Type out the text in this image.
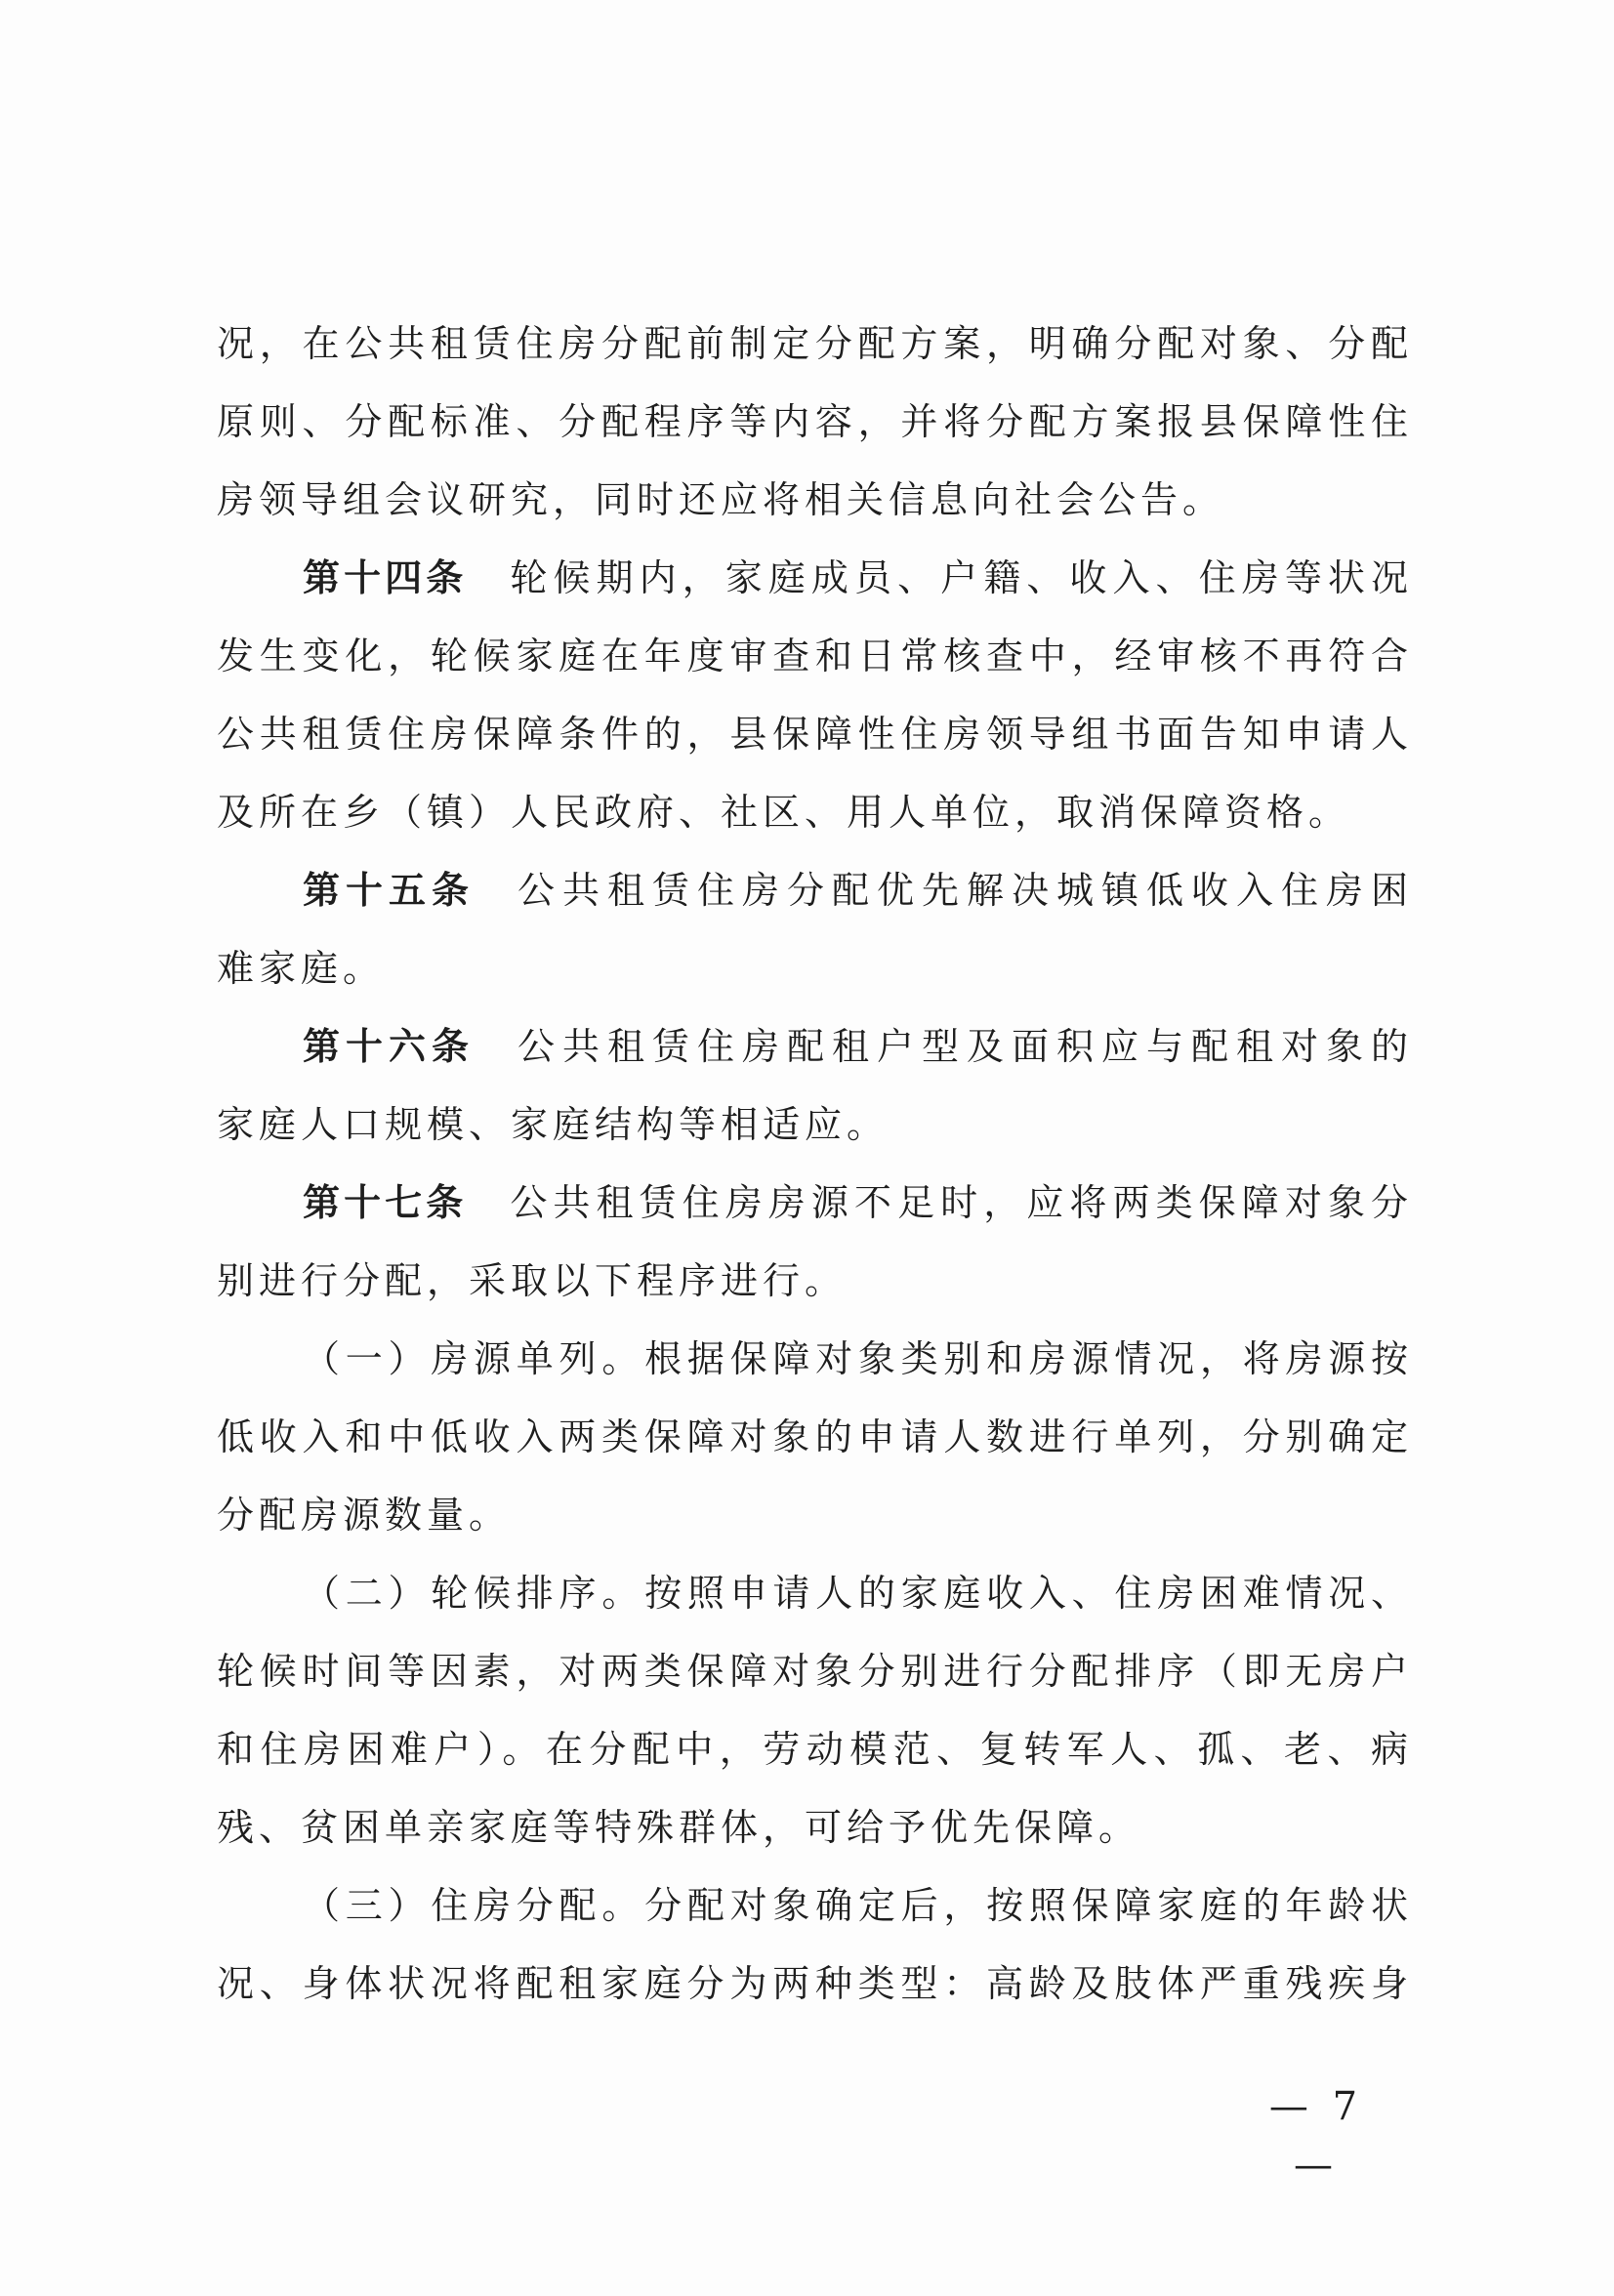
况，在公共租赁住房分配前制定分配方案，明确分配对象、分配
原则、分配标准、分配程序等内容，并将分配方案报县保障性住
房领导组会议研究，同时还应将相关信息向社会公告。
第十四条 轮候期内，家庭成员、户籍、收入、住房等状况
发生变化，轮候家庭在年度审查和日常核查中，经审核不再符合
公共租赁住房保障条件的，县保障性住房领导组书面告知申请人
及所在乡（镇）人民政府、社区、用人单位，取消保障资格。
第十五条 公共租赁住房分配优先解决城镇低收入住房困
难家庭。
第十六条 公共租赁住房配租户型及面积应与配租对象的
家庭人口规模、家庭结构等相适应。
第十七条 公共租赁住房房源不足时，应将两类保障对象分
别进行分配，采取以下程序进行。
（一）房源单列。根据保障对象类别和房源情况，将房源按
低收入和中低收入两类保障对象的申请人数进行单列，分别确定
分配房源数量。
（二）轮候排序。按照申请人的家庭收入、住房困难情况、
轮候时间等因素，对两类保障对象分别进行分配排序（即无房户
和住房困难户）。在分配中，劳动模范、复转军人、孤、老、病
残、贫困单亲家庭等特殊群体，可给予优先保障。
（三）住房分配。分配对象确定后，按照保障家庭的年龄状
况、身体状况将配租家庭分为两种类型：高龄及肢体严重残疾身
— 7 —
